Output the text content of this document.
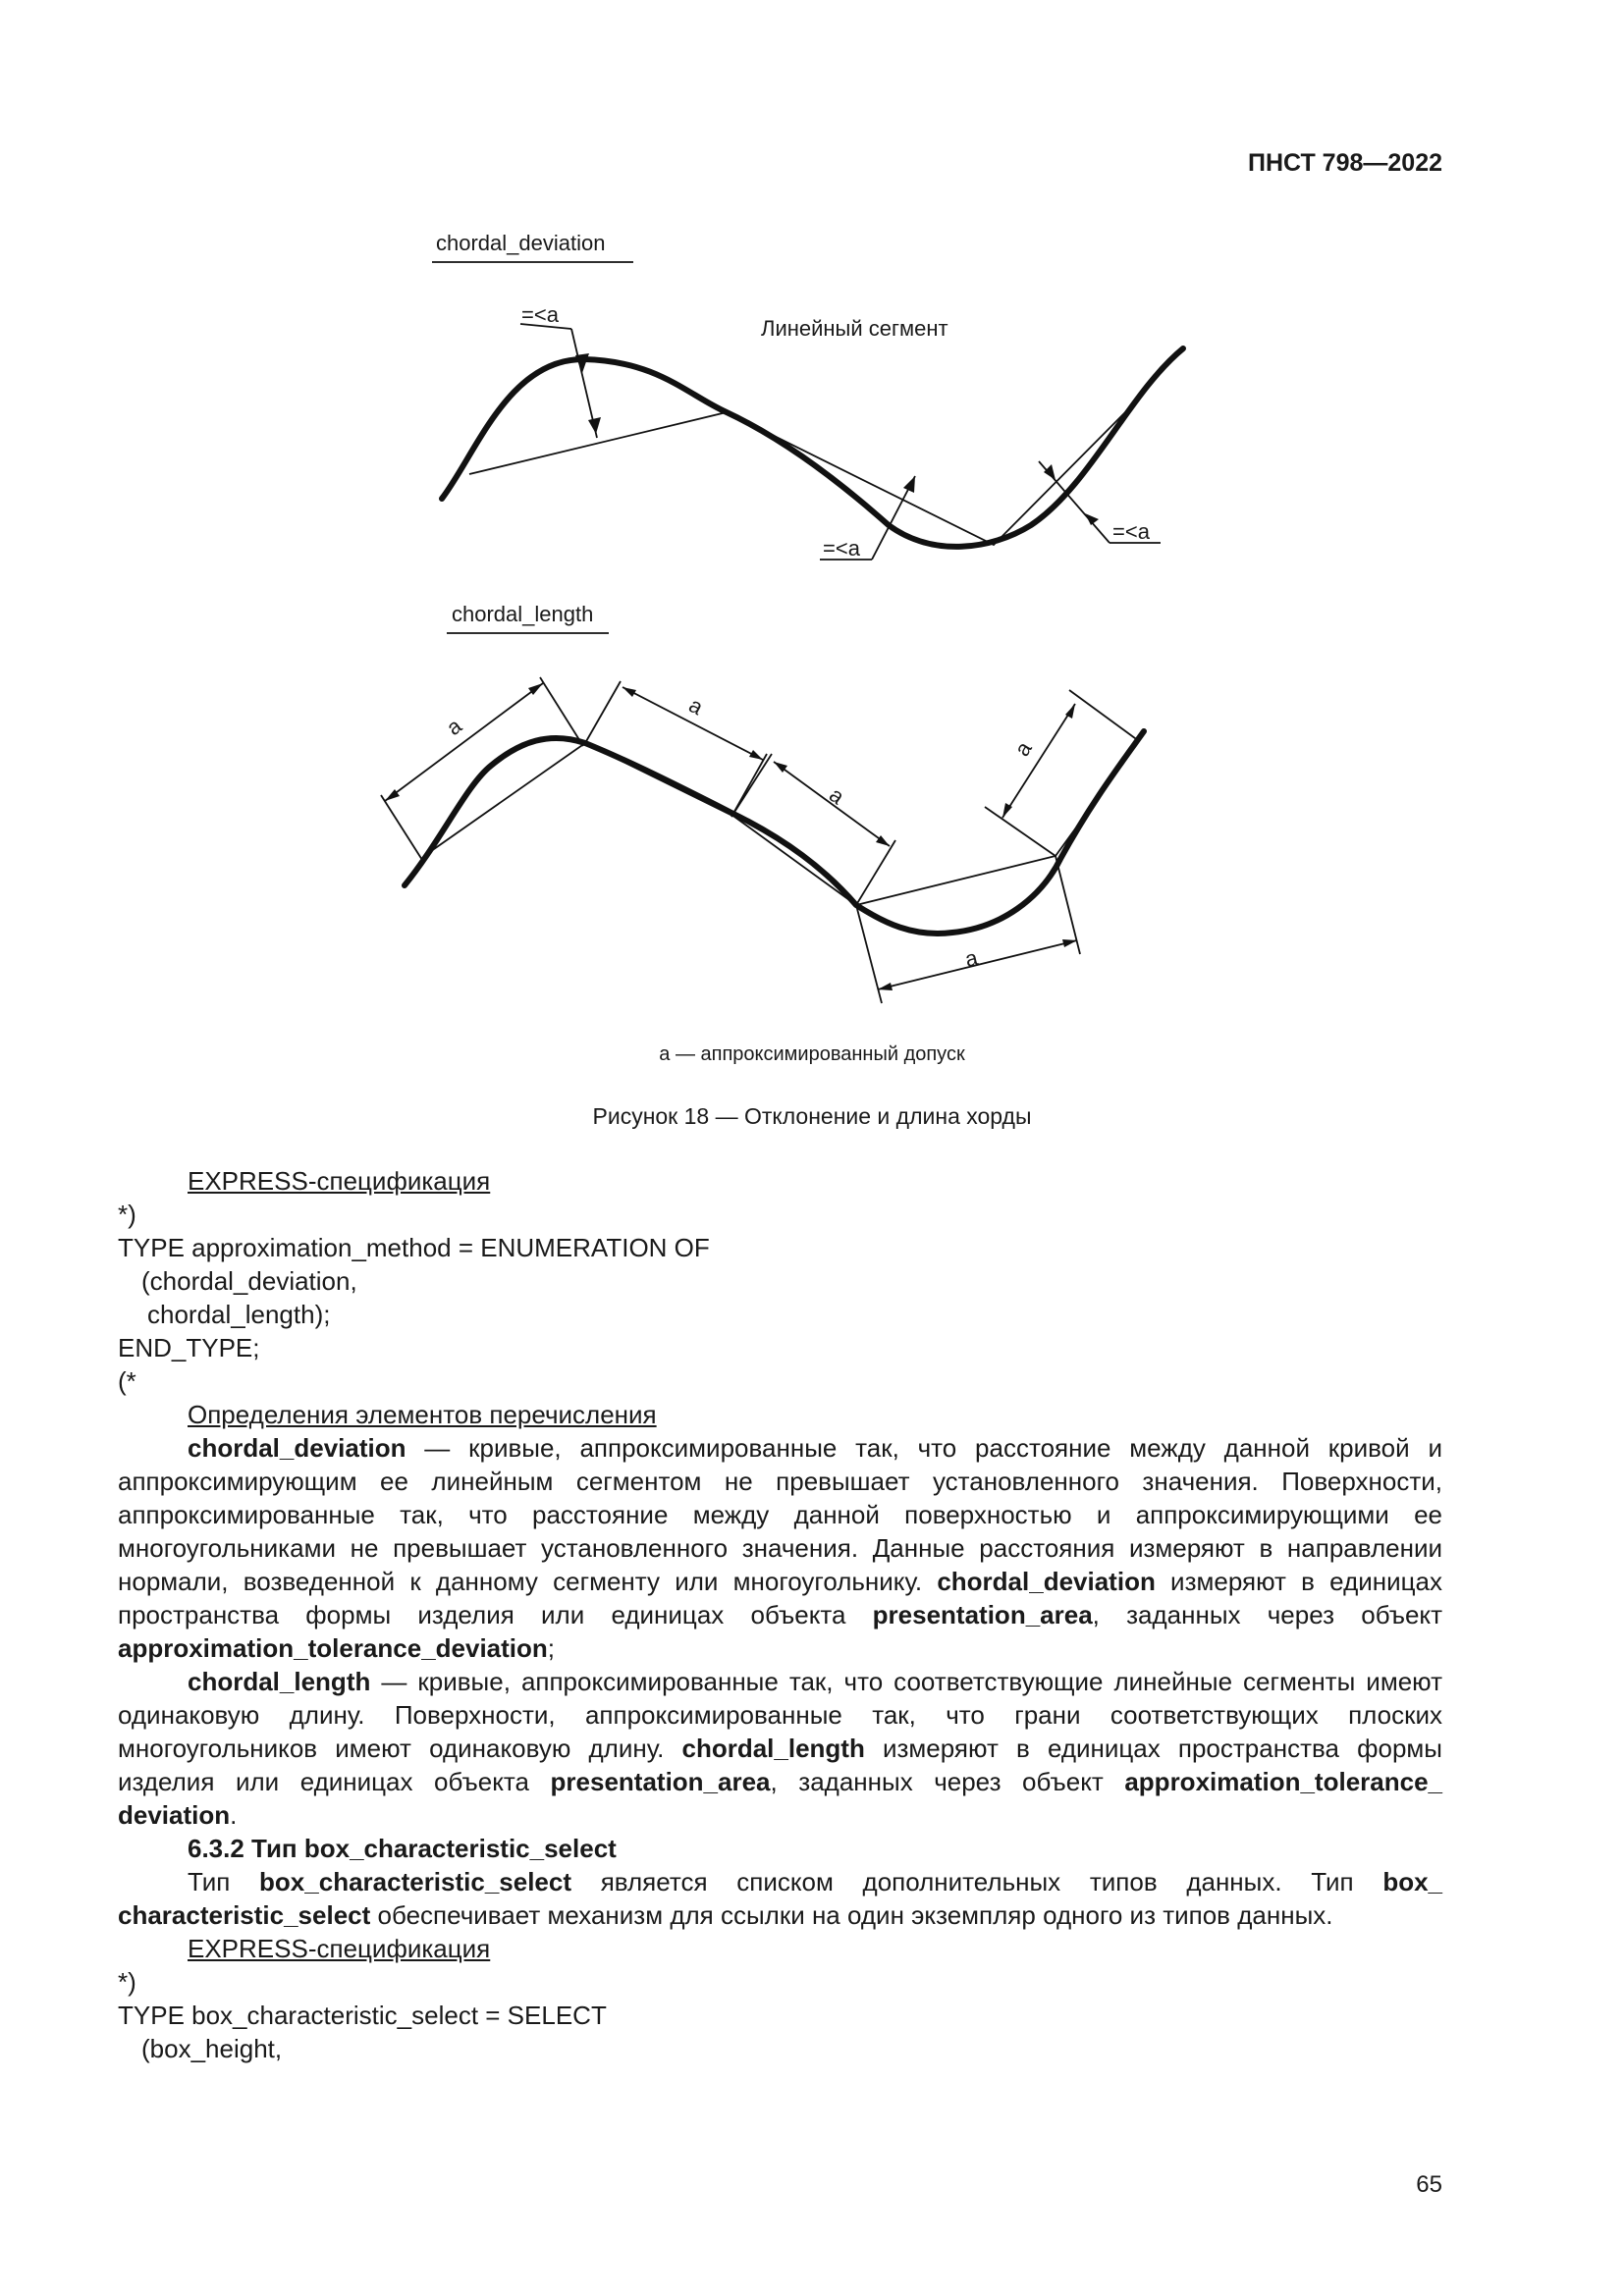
ПНСТ 798—2022
chordal_deviation
=<a
Линейный сегмент
=<a
=<a
chordal_length
a
a
a
a
a
a — аппроксимированный допуск
Рисунок 18 — Отклонение и длина хорды

EXPRESS-спецификация

*)

TYPE approximation_method = ENUMERATION OF

(chordal_deviation,

chordal_length);

END_TYPE;

(*

Определения элементов перечисления

chordal_deviation — кривые, аппроксимированные так, что расстояние между данной кривой и аппроксимирующим ее линейным сегментом не превышает установленного значения. Поверхности, аппроксимированные так, что расстояние между данной поверхностью и аппроксимирующими ее многоугольниками не превышает установленного значения. Данные расстояния измеряют в направлении нормали, возведенной к данному сегменту или многоугольнику. chordal_deviation измеряют в единицах пространства формы изделия или единицах объекта presentation_area, заданных через объект approximation_tolerance_deviation;

chordal_length — кривые, аппроксимированные так, что соответствующие линейные сегменты имеют одинаковую длину. Поверхности, аппроксимированные так, что грани соответствующих плоских многоугольников имеют одинаковую длину. chordal_length измеряют в единицах пространства формы изделия или единицах объекта presentation_area, заданных через объект approximation_tolerance_ deviation.

6.3.2 Тип box_characteristic_select

Тип box_characteristic_select является списком дополнительных типов данных. Тип box_ characteristic_select обеспечивает механизм для ссылки на один экземпляр одного из типов данных.

EXPRESS-спецификация

*)

TYPE box_characteristic_select = SELECT

(box_height,

65
